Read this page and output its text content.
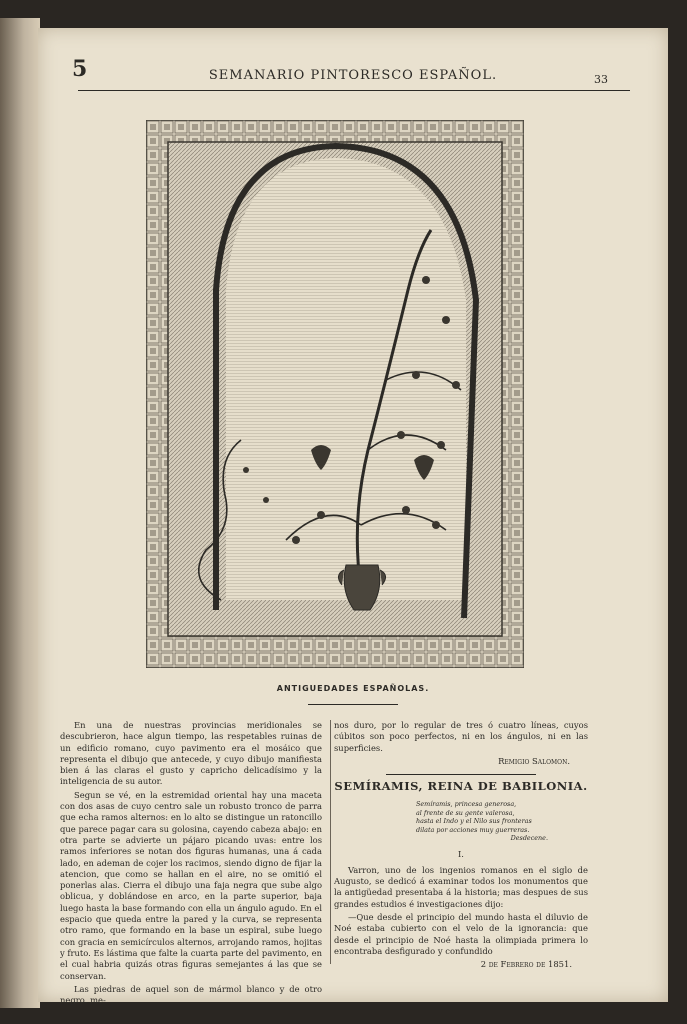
5	SEMANARIO PINTORESCO ESPAÑOL.	33
ANTIGUEDADES ESPAÑOLAS.

En una de nuestras provincias meridionales se descubrieron, hace algun tiempo, las respetables ruinas de un edificio romano, cuyo pavimento era el mosáico que representa el dibujo que antecede, y cuyo dibujo manifiesta bien á las claras el gusto y capricho delicadísimo y la inteligencia de su autor.

Segun se vé, en la estremidad oriental hay una maceta con dos asas de cuyo centro sale un robusto tronco de parra que echa ramos alternos: en lo alto se distingue un ratoncillo que parece pagar cara su golosina, cayendo cabeza abajo: en otra parte se advierte un pájaro picando uvas: entre los ramos inferiores se notan dos figuras humanas, una á cada lado, en ademan de cojer los racimos, siendo digno de fijar la atencion, que como se hallan en el aire, no se omitió el ponerlas alas. Cierra el dibujo una faja negra que sube algo oblicua, y doblándose en arco, en la parte superior, baja luego hasta la base formando con ella un ángulo agudo. En el espacio que queda entre la pared y la curva, se representa otro ramo, que formando en la base un espiral, sube luego con gracia en semicírculos alternos, arrojando ramos, hojitas y fruto. Es lástima que falte la cuarta parte del pavimento, en el cual habria quizás otras figuras semejantes á las que se conservan.

Las piedras de aquel son de mármol blanco y de otro negro, me-

nos duro, por lo regular de tres ó cuatro líneas, cuyos cúbitos son poco perfectos, ni en los ángulos, ni en las superficies.

Remigio Salomon.
SEMÍRAMIS, REINA DE BABILONIA.
Semíramis, princesa generosa,
al frente de su gente valerosa,
hasta el Indo y el Nilo sus fronteras
dilata por acciones muy guerreras.
Desdecene.
I.

Varron, uno de los ingenios romanos en el siglo de Augusto, se dedicó á examinar todos los monumentos que la antigüedad presentaba á la historia; mas despues de sus grandes estudios é investigaciones dijo:

—Que desde el principio del mundo hasta el diluvio de Noé estaba cubierto con el velo de la ignorancia: que desde el principio de Noé hasta la olimpiada primera lo encontraba desfigurado y confundido

2 de Febrero de 1851.
